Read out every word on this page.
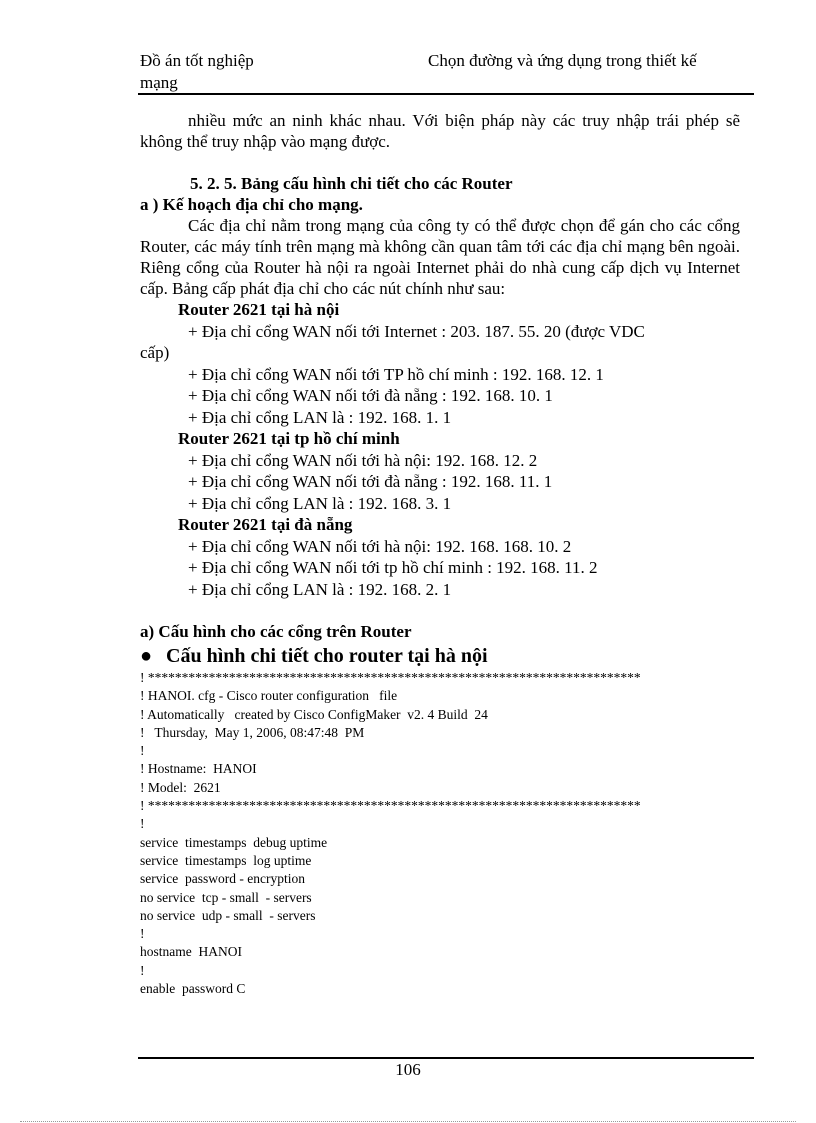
Đồ án tốt nghiệp
mạng
Chọn đường và ứng dụng trong thiết kế

nhiều mức an ninh khác nhau. Với biện pháp này các truy nhập trái phép sẽ không thể truy nhập vào mạng được.

5. 2. 5. Bảng cấu hình chi tiết cho các Router

a ) Kế hoạch địa chỉ cho mạng.

Các địa chỉ nằm trong mạng của công ty có thể được chọn để gán cho các cổng Router, các máy tính trên mạng mà không cần quan tâm tới các địa chỉ mạng bên ngoài. Riêng cổng của Router hà nội ra ngoài Internet phải do nhà cung cấp dịch vụ Internet cấp. Bảng cấp phát địa chỉ cho các nút chính như sau:

Router 2621 tại hà nội

+ Địa chỉ cổng WAN nối tới Internet : 203. 187. 55. 20 (được VDC

cấp)

+ Địa chỉ cổng WAN nối tới TP hồ chí minh : 192. 168. 12. 1

+ Địa chỉ cổng WAN nối tới đà nẵng : 192. 168. 10. 1

+ Địa chỉ cổng LAN là : 192. 168. 1. 1

Router 2621 tại tp hồ chí minh

+ Địa chỉ cổng WAN nối tới hà nội: 192. 168. 12. 2

+ Địa chỉ cổng WAN nối tới đà nẵng : 192. 168. 11. 1

+ Địa chỉ cổng LAN là : 192. 168. 3. 1

Router 2621 tại đà nẵng

+ Địa chỉ cổng WAN nối tới hà nội: 192. 168. 168. 10. 2

+ Địa chỉ cổng WAN nối tới tp hồ chí minh : 192. 168. 11. 2

+ Địa chỉ cổng LAN là : 192. 168. 2. 1

a) Cấu hình cho các cổng trên Router

● Cấu hình chi tiết cho router tại hà nội

! *************************************************************************

! HANOI. cfg - Cisco router configuration   file

! Automatically   created by Cisco ConfigMaker  v2. 4 Build  24

!   Thursday,  May 1, 2006, 08:47:48  PM

!

! Hostname:  HANOI

! Model:  2621

! *************************************************************************

!

service  timestamps  debug uptime

service  timestamps  log uptime

service  password - encryption

no service  tcp - small  - servers

no service  udp - small  - servers

!

hostname  HANOI

!

enable  password C

106
